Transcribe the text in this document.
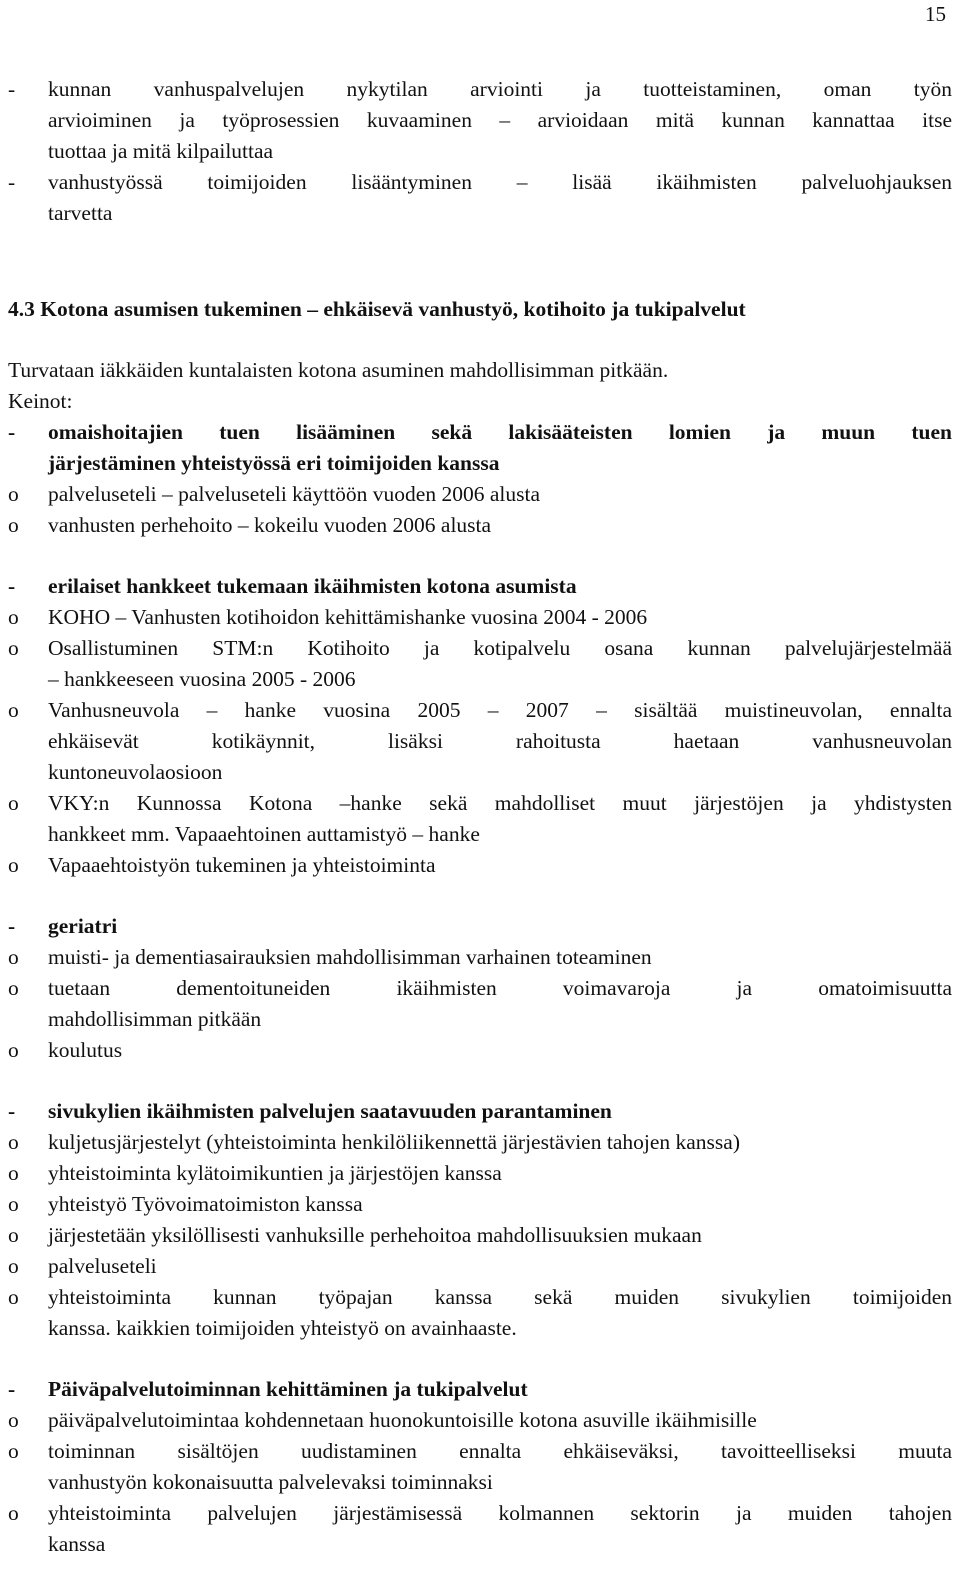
15
-	kunnan vanhuspalvelujen nykytilan arviointi ja tuotteistaminen, oman työn
arvioiminen ja työprosessien kuvaaminen – arvioidaan mitä kunnan kannattaa itse
tuottaa ja mitä kilpailuttaa
-	vanhustyössä toimijoiden lisääntyminen – lisää ikäihmisten palveluohjauksen
tarvetta
4.3 Kotona asumisen tukeminen – ehkäisevä vanhustyö, kotihoito ja tukipalvelut
Turvataan iäkkäiden kuntalaisten kotona asuminen mahdollisimman pitkään.
Keinot:
-	omaishoitajien tuen lisääminen sekä lakisääteisten lomien ja muun tuen
järjestäminen yhteistyössä eri toimijoiden kanssa
o	palveluseteli – palveluseteli käyttöön vuoden 2006 alusta
o	vanhusten perhehoito – kokeilu vuoden 2006 alusta
-	erilaiset hankkeet tukemaan ikäihmisten kotona asumista
o	KOHO – Vanhusten kotihoidon kehittämishanke vuosina 2004 - 2006
o	Osallistuminen STM:n Kotihoito ja kotipalvelu osana kunnan palvelujärjestelmää
– hankkeeseen vuosina 2005 - 2006
o	Vanhusneuvola – hanke vuosina 2005 – 2007 – sisältää muistineuvolan, ennalta
ehkäisevät kotikäynnit, lisäksi rahoitusta haetaan vanhusneuvolan
kuntoneuvolaosioon
o	VKY:n Kunnossa Kotona –hanke sekä mahdolliset muut järjestöjen ja yhdistysten
hankkeet mm. Vapaaehtoinen auttamistyö – hanke
o	Vapaaehtoistyön tukeminen ja yhteistoiminta
-	geriatri
o	muisti- ja dementiasairauksien mahdollisimman varhainen toteaminen
o	tuetaan dementoituneiden ikäihmisten voimavaroja ja omatoimisuutta
mahdollisimman pitkään
o	koulutus
-	sivukylien ikäihmisten palvelujen saatavuuden parantaminen
o	kuljetusjärjestelyt (yhteistoiminta henkilöliikennettä järjestävien tahojen kanssa)
o	yhteistoiminta kylätoimikuntien ja järjestöjen kanssa
o	yhteistyö Työvoimatoimiston kanssa
o	järjestetään yksilöllisesti vanhuksille perhehoitoa mahdollisuuksien mukaan
o	palveluseteli
o	yhteistoiminta kunnan työpajan kanssa sekä muiden sivukylien toimijoiden
kanssa. kaikkien toimijoiden yhteistyö on avainhaaste.
-	Päiväpalvelutoiminnan kehittäminen ja tukipalvelut
o	päiväpalvelutoimintaa kohdennetaan huonokuntoisille kotona asuville ikäihmisille
o	toiminnan sisältöjen uudistaminen ennalta ehkäiseväksi, tavoitteelliseksi muuta
vanhustyön kokonaisuutta palvelevaksi toiminnaksi
o	yhteistoiminta palvelujen järjestämisessä kolmannen sektorin ja muiden tahojen
kanssa
